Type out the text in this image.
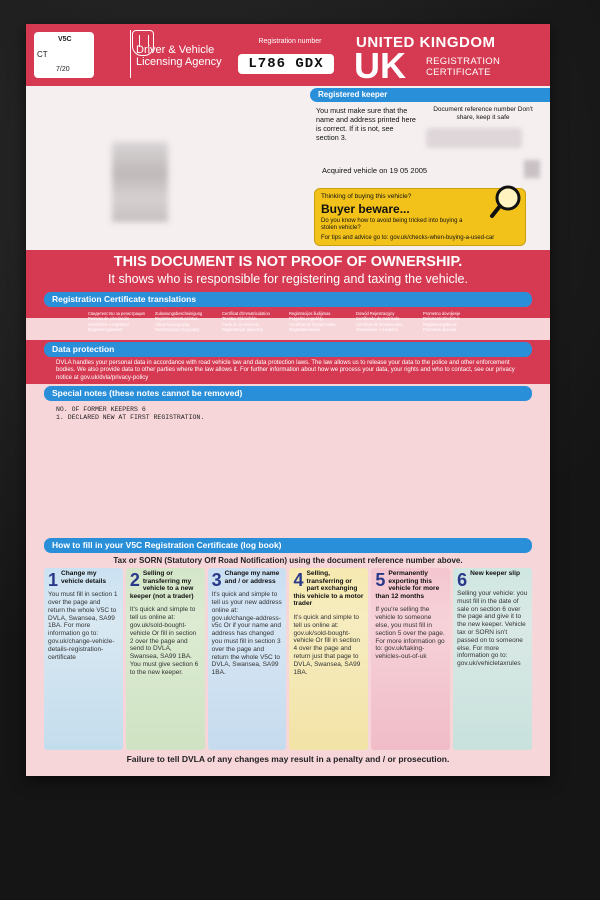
V5C
CT
7/20
Driver & Vehicle Licensing Agency
Registration number
L786 GDX
UNITED KINGDOM
UK REGISTRATION CERTIFICATE
Registered keeper
You must make sure that the name and address printed here is correct. If it is not, see section 3.
Document reference number Don't share, keep it safe
Acquired vehicle on 19 05 2005
Thinking of buying this vehicle?
Buyer beware...
Do you know how to avoid being tricked into buying a stolen vehicle?
For tips and advice go to: gov.uk/checks-when-buying-a-used-car
THIS DOCUMENT IS NOT PROOF OF OWNERSHIP.
It shows who is responsible for registering and taxing the vehicle.
Registration Certificate translations
Свидетелство за регистрация	Zulassungsbescheinigung	Certificat d'immatriculation	Registracijos liudijimas	Dowód Rejestracyjny	Prometno dovoljenje
Permiso de circulación	Registreerimistunnistus	Teastas Clárúcháin	Forgalmi engedély	Certificado de matrícula	Rekisteröintitodistus
Osvědčení o registraci	Άδεια Κυκλοφορίας	Carta di circolazione	Certificat de înmatriculare	Certificat de înmatriculare	Registreringsbevis
Registreringsattest	Πιστοποιητικό Εγγραφής	Reģistrācijas apliecība	Registratiebewijs	Osvedčenie o evidencii	Prometna dozvola
Data protection
DVLA handles your personal data in accordance with road vehicle law and data protection laws. The law allows us to release your data to the police and other enforcement bodies. We also provide data to other parties where the law allows it. For further information about how we process your data, your rights and who to contact, see our privacy notice at gov.uk/dvla/privacy-policy
Special notes (these notes cannot be removed)
NO. OF FORMER KEEPERS 6
1. DECLARED NEW AT FIRST REGISTRATION.
How to fill in your V5C Registration Certificate (log book)
Tax or SORN (Statutory Off Road Notification) using the document reference number above.
1 Change my vehicle details
You must fill in section 1 over the page and return the whole V5C to DVLA, Swansea, SA99 1BA. For more information go to: gov.uk/change-vehicle-details-registration-certificate
2 Selling or transferring my vehicle to a new keeper (not a trader)
It's quick and simple to tell us online at: gov.uk/sold-bought-vehicle Or fill in section 2 over the page and send to DVLA, Swansea, SA99 1BA. You must give section 6 to the new keeper.
3 Change my name and / or address
It's quick and simple to tell us your new address online at: gov.uk/change-address-v5c Or if your name and address has changed you must fill in section 3 over the page and return the whole V5C to DVLA, Swansea, SA99 1BA.
4 Selling, transferring or part exchanging this vehicle to a motor trader
It's quick and simple to tell us online at: gov.uk/sold-bought-vehicle Or fill in section 4 over the page and return just that page to DVLA, Swansea, SA99 1BA.
5 Permanently exporting this vehicle for more than 12 months
If you're selling the vehicle to someone else, you must fill in section 5 over the page. For more information go to: gov.uk/taking-vehicles-out-of-uk
6 New keeper slip
Selling your vehicle: you must fill in the date of sale on section 6 over the page and give it to the new keeper. Vehicle tax or SORN isn't passed on to someone else. For more information go to: gov.uk/vehicletaxrules
Failure to tell DVLA of any changes may result in a penalty and / or prosecution.
